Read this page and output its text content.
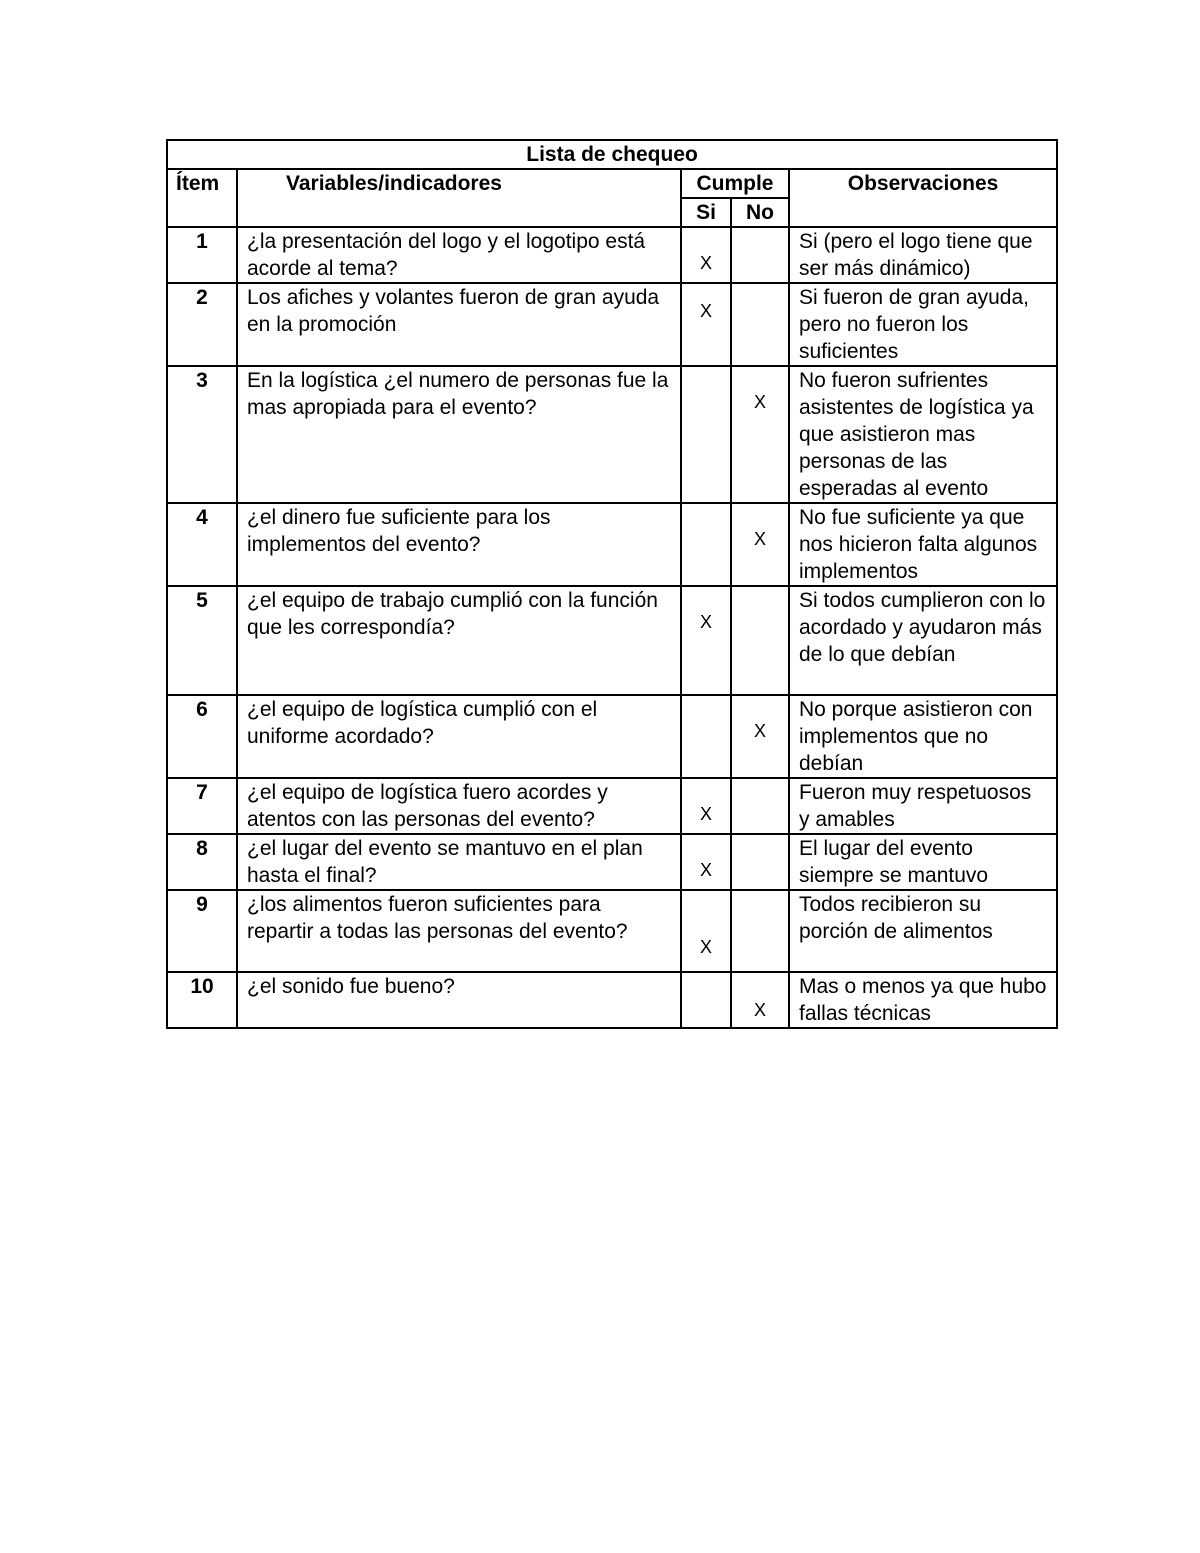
Lista de chequeo				
Ítem	Variables/indicadores	Cumple		Observaciones
		Si	No	
1	¿la presentación del logo y el logotipo está acorde al tema?	X		Si (pero el logo tiene que ser más dinámico)
2	Los afiches y volantes fueron de gran ayuda en la promoción	X		Si fueron de gran ayuda, pero no fueron los suficientes
3	En la logística ¿el numero de personas fue la mas apropiada para el evento?		X	No fueron sufrientes asistentes de logística ya que asistieron mas personas de las esperadas al evento
4	¿el dinero fue suficiente para los implementos del evento?		X	No fue suficiente ya que nos hicieron falta algunos implementos
5	¿el equipo de trabajo cumplió con la función que les correspondía?	X		Si todos cumplieron con lo acordado y ayudaron más de lo que debían
6	¿el equipo de logística cumplió con el uniforme acordado?		X	No porque asistieron con implementos que no debían
7	¿el equipo de logística fuero acordes y atentos con las personas del evento?	X		Fueron muy respetuosos y amables
8	¿el lugar del evento se mantuvo en el plan hasta el final?	X		El lugar del evento siempre se mantuvo
9	¿los alimentos fueron suficientes para repartir a todas las personas del evento?	X		Todos recibieron su porción de alimentos
10	¿el sonido fue bueno?		X	Mas o menos ya que hubo fallas técnicas
